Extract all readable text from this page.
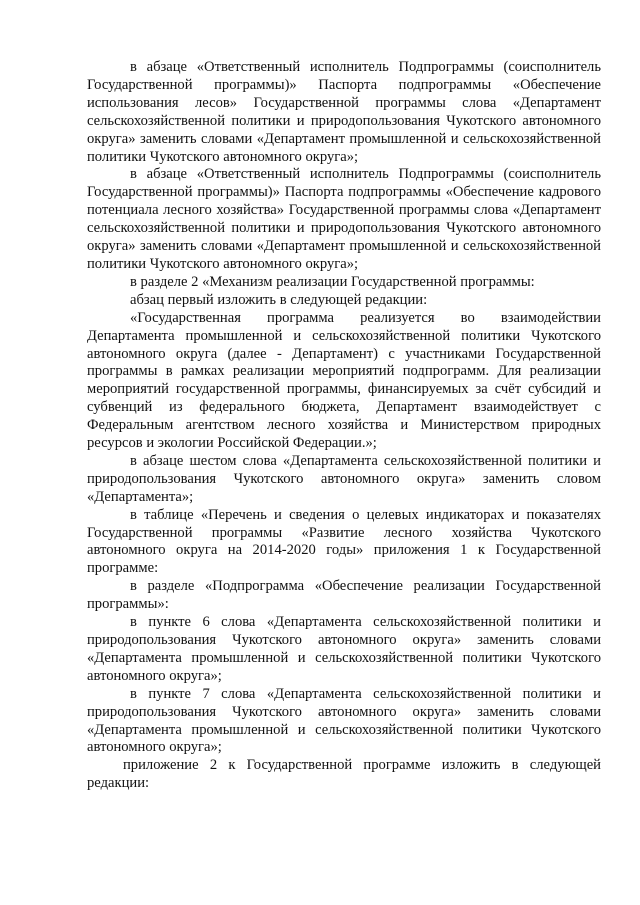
в абзаце «Ответственный исполнитель Подпрограммы (соисполнитель Государственной программы)» Паспорта подпрограммы «Обеспечение использования лесов» Государственной программы слова «Департамент сельскохозяйственной политики и природопользования Чукотского автономного округа» заменить словами «Департамент промышленной и сельскохозяйственной политики Чукотского автономного округа»;

в абзаце «Ответственный исполнитель Подпрограммы (соисполнитель Государственной программы)» Паспорта подпрограммы «Обеспечение кадрового потенциала лесного хозяйства» Государственной программы слова «Департамент сельскохозяйственной политики и природопользования Чукотского автономного округа» заменить словами «Департамент промышленной и сельскохозяйственной политики Чукотского автономного округа»;

в разделе 2 «Механизм реализации Государственной программы:

абзац первый изложить в следующей редакции:

«Государственная программа реализуется во взаимодействии Департамента промышленной и сельскохозяйственной политики Чукотского автономного округа (далее - Департамент) с участниками Государственной программы в рамках реализации мероприятий подпрограмм. Для реализации мероприятий государственной программы, финансируемых за счёт субсидий и субвенций из федерального бюджета, Департамент взаимодействует с Федеральным агентством лесного хозяйства и Министерством природных ресурсов и экологии Российской Федерации.»;

в абзаце шестом слова «Департамента сельскохозяйственной политики и природопользования Чукотского автономного округа» заменить словом «Департамента»;

в таблице «Перечень и сведения о целевых индикаторах и показателях Государственной программы «Развитие лесного хозяйства Чукотского автономного округа на 2014-2020 годы» приложения 1 к Государственной программе:

в разделе «Подпрограмма «Обеспечение реализации Государственной программы»:

в пункте 6 слова «Департамента сельскохозяйственной политики и природопользования Чукотского автономного округа» заменить словами «Департамента промышленной и сельскохозяйственной политики Чукотского автономного округа»;

в пункте 7 слова «Департамента сельскохозяйственной политики и природопользования Чукотского автономного округа» заменить словами «Департамента промышленной и сельскохозяйственной политики Чукотского автономного округа»;

приложение 2 к Государственной программе изложить в следующей редакции:
